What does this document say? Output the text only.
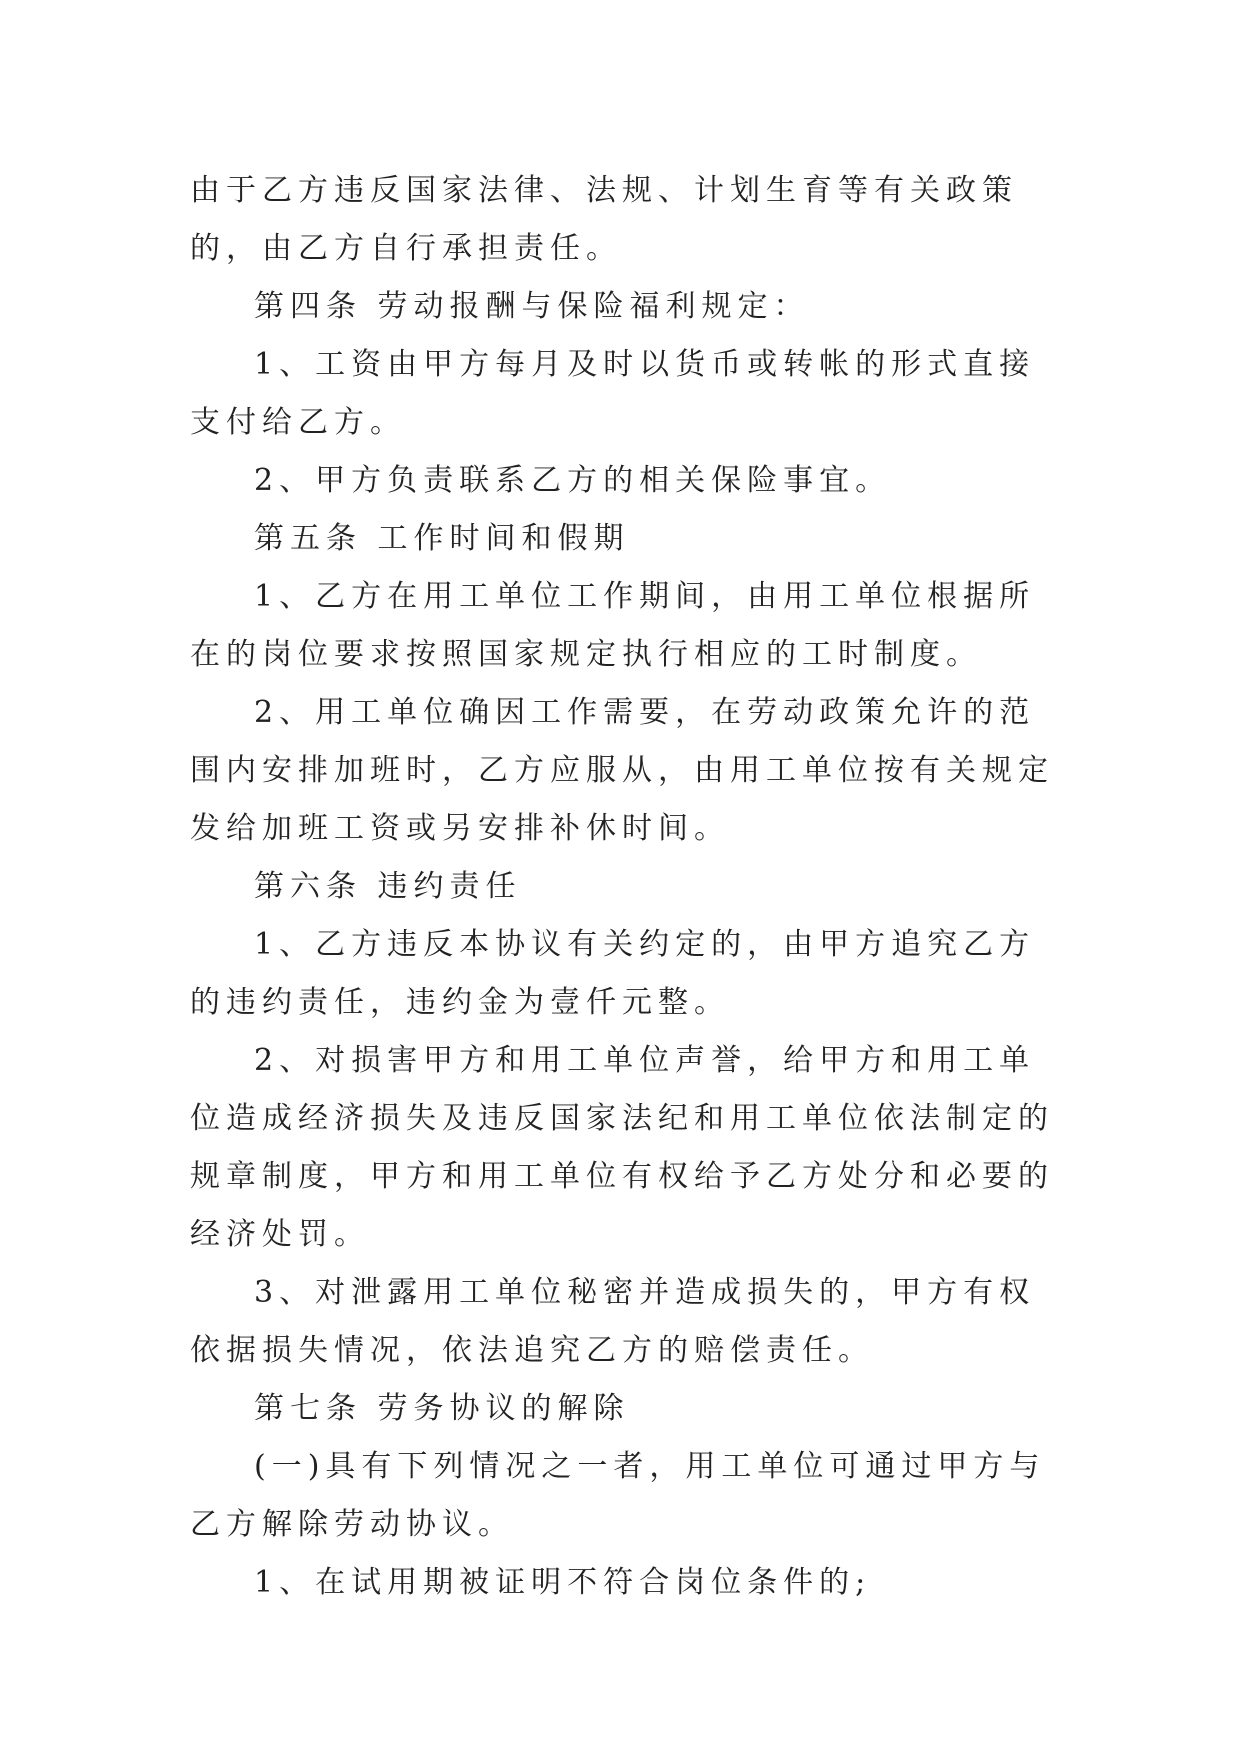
由于乙方违反国家法律、法规、计划生育等有关政策的，由乙方自行承担责任。

第四条 劳动报酬与保险福利规定：

1、工资由甲方每月及时以货币或转帐的形式直接支付给乙方。

2、甲方负责联系乙方的相关保险事宜。

第五条 工作时间和假期

1、乙方在用工单位工作期间，由用工单位根据所在的岗位要求按照国家规定执行相应的工时制度。

2、用工单位确因工作需要，在劳动政策允许的范围内安排加班时，乙方应服从，由用工单位按有关规定发给加班工资或另安排补休时间。

第六条 违约责任

1、乙方违反本协议有关约定的，由甲方追究乙方的违约责任，违约金为壹仟元整。

2、对损害甲方和用工单位声誉，给甲方和用工单位造成经济损失及违反国家法纪和用工单位依法制定的规章制度，甲方和用工单位有权给予乙方处分和必要的经济处罚。

3、对泄露用工单位秘密并造成损失的，甲方有权依据损失情况，依法追究乙方的赔偿责任。

第七条 劳务协议的解除

(一)具有下列情况之一者，用工单位可通过甲方与乙方解除劳动协议。

1、在试用期被证明不符合岗位条件的;
